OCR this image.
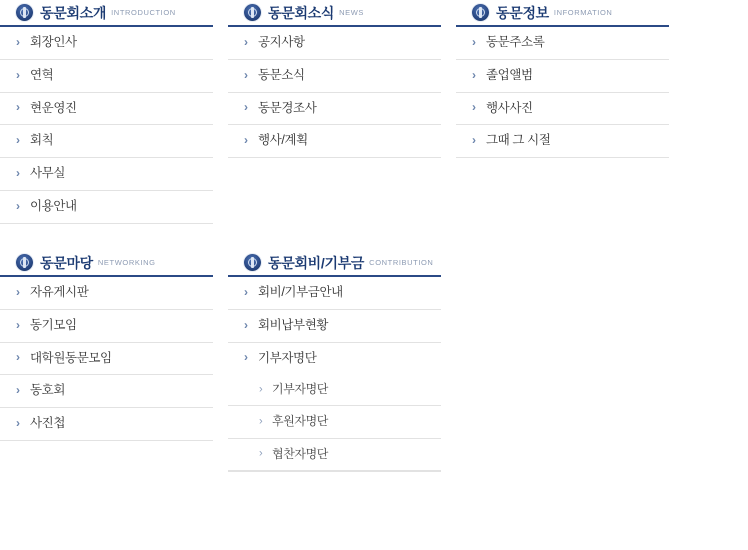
동문회소개 INTRODUCTION
› 회장인사
› 연혁
› 현운영진
› 회칙
› 사무실
› 이용안내
동문회소식 NEWS
› 공지사항
› 동문소식
› 동문경조사
› 행사/계획
동문정보 INFORMATION
› 동문주소록
› 졸업앨범
› 행사사진
› 그때 그 시절
동문마당 NETWORKING
› 자유게시판
› 동기모임
› 대학원동문모임
› 동호회
› 사진첩
동문회비/기부금 CONTRIBUTION
› 회비/기부금안내
› 회비납부현황
› 기부자명단
› 기부자명단
› 후원자명단
› 협찬자명단
